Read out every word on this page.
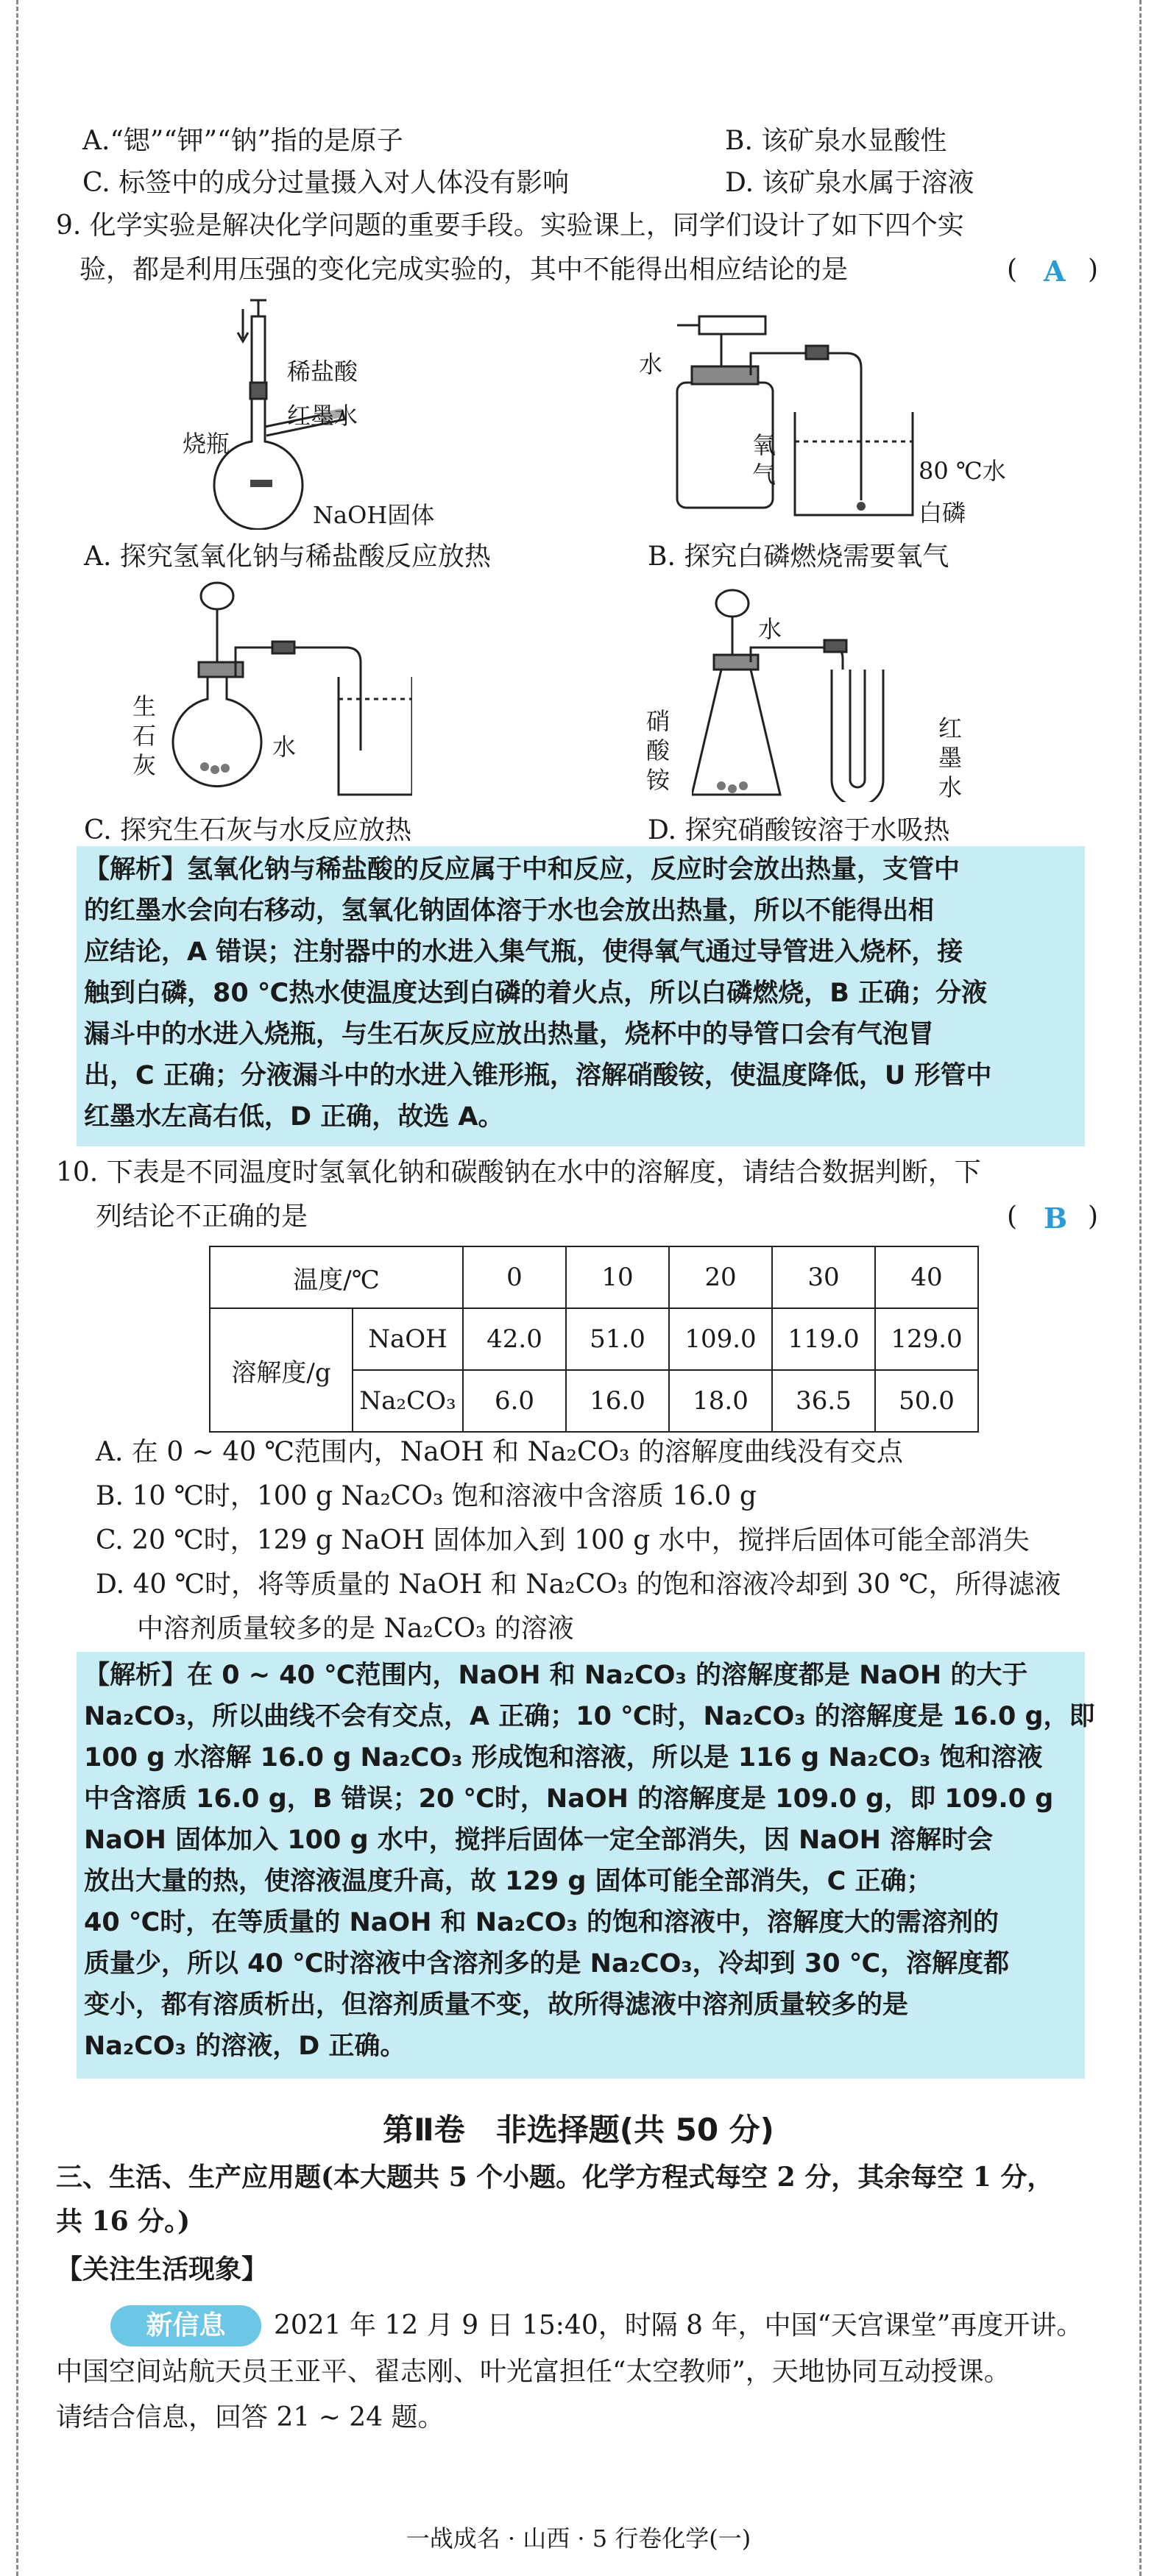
A.“锶”“钾”“钠”指的是原子	B. 该矿泉水显酸性
C. 标签中的成分过量摄入对人体没有影响	D. 该矿泉水属于溶液
9. 化学实验是解决化学问题的重要手段。实验课上，同学们设计了如下四个实
验，都是利用压强的变化完成实验的，其中不能得出相应结论的是	( A )
稀盐酸
红墨水
烧瓶
NaOH固体
A. 探究氢氧化钠与稀盐酸反应放热
水
氧
气	80 ℃水
白磷
B. 探究白磷燃烧需要氧气
生
石
灰
水
C. 探究生石灰与水反应放热
水
硝
酸
铵
红
墨
水
D. 探究硝酸铵溶于水吸热
【解析】氢氧化钠与稀盐酸的反应属于中和反应，反应时会放出热量，支管中
的红墨水会向右移动，氢氧化钠固体溶于水也会放出热量，所以不能得出相
应结论，A 错误；注射器中的水进入集气瓶，使得氧气通过导管进入烧杯，接
触到白磷，80 ℃热水使温度达到白磷的着火点，所以白磷燃烧，B 正确；分液
漏斗中的水进入烧瓶，与生石灰反应放出热量，烧杯中的导管口会有气泡冒
出，C 正确；分液漏斗中的水进入锥形瓶，溶解硝酸铵，使温度降低，U 形管中
红墨水左高右低，D 正确，故选 A。
10. 下表是不同温度时氢氧化钠和碳酸钠在水中的溶解度，请结合数据判断，下
列结论不正确的是	( B )
温度/℃		0	10	20	30	40
溶解度/g	NaOH	42.0	51.0	109.0	119.0	129.0
	Na₂CO₃	6.0	16.0	18.0	36.5	50.0
A. 在 0 ~ 40 ℃范围内，NaOH 和 Na₂CO₃ 的溶解度曲线没有交点
B. 10 ℃时，100 g Na₂CO₃ 饱和溶液中含溶质 16.0 g
C. 20 ℃时，129 g NaOH 固体加入到 100 g 水中，搅拌后固体可能全部消失
D. 40 ℃时，将等质量的 NaOH 和 Na₂CO₃ 的饱和溶液冷却到 30 ℃，所得滤液
中溶剂质量较多的是 Na₂CO₃ 的溶液
【解析】在 0 ~ 40 ℃范围内，NaOH 和 Na₂CO₃ 的溶解度都是 NaOH 的大于
Na₂CO₃，所以曲线不会有交点，A 正确；10 ℃时，Na₂CO₃ 的溶解度是 16.0 g，即
100 g 水溶解 16.0 g Na₂CO₃ 形成饱和溶液，所以是 116 g Na₂CO₃ 饱和溶液
中含溶质 16.0 g，B 错误；20 ℃时，NaOH 的溶解度是 109.0 g，即 109.0 g
NaOH 固体加入 100 g 水中，搅拌后固体一定全部消失，因 NaOH 溶解时会
放出大量的热，使溶液温度升高，故 129 g 固体可能全部消失，C 正确；
40 ℃时，在等质量的 NaOH 和 Na₂CO₃ 的饱和溶液中，溶解度大的需溶剂的
质量少，所以 40 ℃时溶液中含溶剂多的是 Na₂CO₃，冷却到 30 ℃，溶解度都
变小，都有溶质析出，但溶剂质量不变，故所得滤液中溶剂质量较多的是
Na₂CO₃ 的溶液，D 正确。
第Ⅱ卷　非选择题(共 50 分)
三、生活、生产应用题(本大题共 5 个小题。化学方程式每空 2 分，其余每空 1 分，
共 16 分。)
【关注生活现象】
新信息	2021 年 12 月 9 日 15:40，时隔 8 年，中国“天宫课堂”再度开讲。
中国空间站航天员王亚平、翟志刚、叶光富担任“太空教师”，天地协同互动授课。
请结合信息，回答 21 ~ 24 题。
一战成名 · 山西 · 5 行卷化学(一)
